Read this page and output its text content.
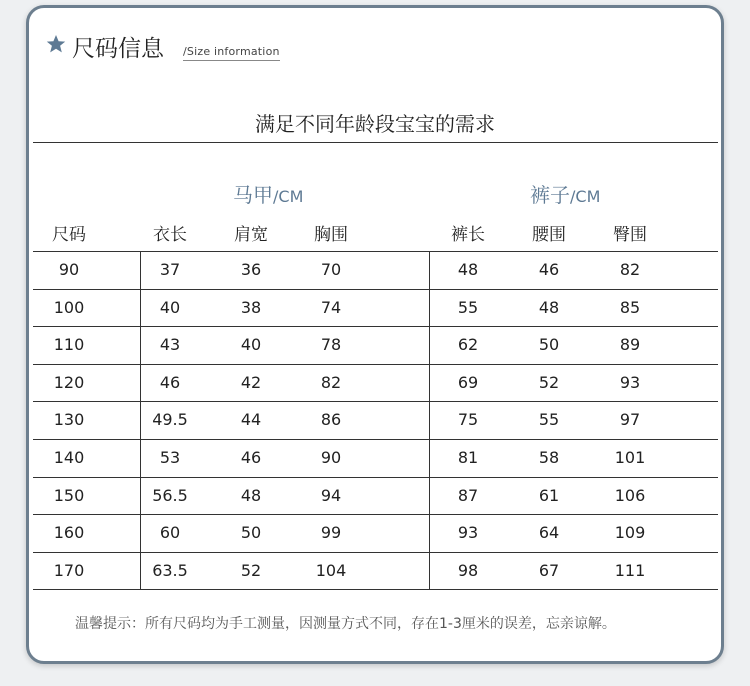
尺码信息 /Size information
满足不同年龄段宝宝的需求
马甲/CM	裤子/CM
尺码	衣长	肩宽	胸围	裤长	腰围	臀围
90	37	36	70	48	46	82
100	40	38	74	55	48	85
110	43	40	78	62	50	89
120	46	42	82	69	52	93
130	49.5	44	86	75	55	97
140	53	46	90	81	58	101
150	56.5	48	94	87	61	106
160	60	50	99	93	64	109
170	63.5	52	104	98	67	111
温馨提示：所有尺码均为手工测量，因测量方式不同，存在1-3厘米的误差，忘亲谅解。
